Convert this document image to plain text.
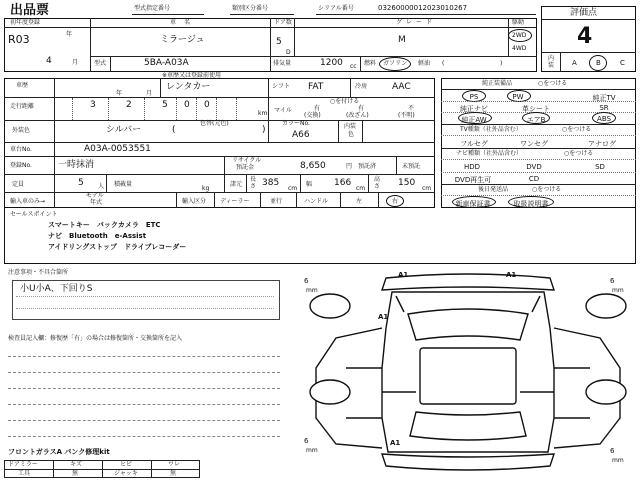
出品票	型式指定番号	類別区分番号	シリアル番号	03260000012023010267	評価点
4
内
装	A	B	C
初年度登録
R03	年
4	月
車名
ミラージュ
ドア数
5
D
グレード
M
駆動
2WD
4WD
型式	5BA-A03A	排気量	1200 cc 燃料 ガソリン 軽油 (	)
※車歴又は登録前使用
車歴
年	月
レンタカー	シフト FAT	冷房	AAC
走行距離	3	2	5 0 0
km
○を付ける
マイル	有
(交換)
有
(改ざん)
不
(不明)
外装色
色替(元色)
シルバー	(	)
カラーNo.
A66
内装
色
車台No.	A03A-0053551
登録No.	一時抹消	リサイクル
預託金	8,650	円 預託済	未預託
定員	5 人 積載量
kg
諸元
長
さ 385
cm
幅 166
cm
高
さ 150
cm
輸入車のみ→
モデル
年式	輸入区分 ディーラー	並行	ハンドル	左	右
純正装備品	○をつける
PS	PW	純正TV
純正ナビ	革シート	SR
純正AW	エアB	ABS
TV種類（社外品含む）	○をつける
フルセグ	ワンセグ	アナログ
ナビ種類（社外品含む）	○をつける
HDD	DVD	SD
DVD再生可	CD
後日発送品	○をつける
新車保証書	取扱説明書
セールスポイント
スマートキー　バックカメラ　ETC
ナビ　Bluetooth　e-Assist
アイドリングストップ　ドライブレコーダー
注意事項・不具合箇所
小U小A、下回りS
検査員記入欄：修復歴「有」の場合は修復箇所・交換箇所を記入
フロントガラスA パンク修理kit
ドアミラー	キズ	ヒビ	ワレ
工具	無	ジャッキ	無
A1	A1
A1
A1
6
mm
6
mm
6
mm	6
mm
